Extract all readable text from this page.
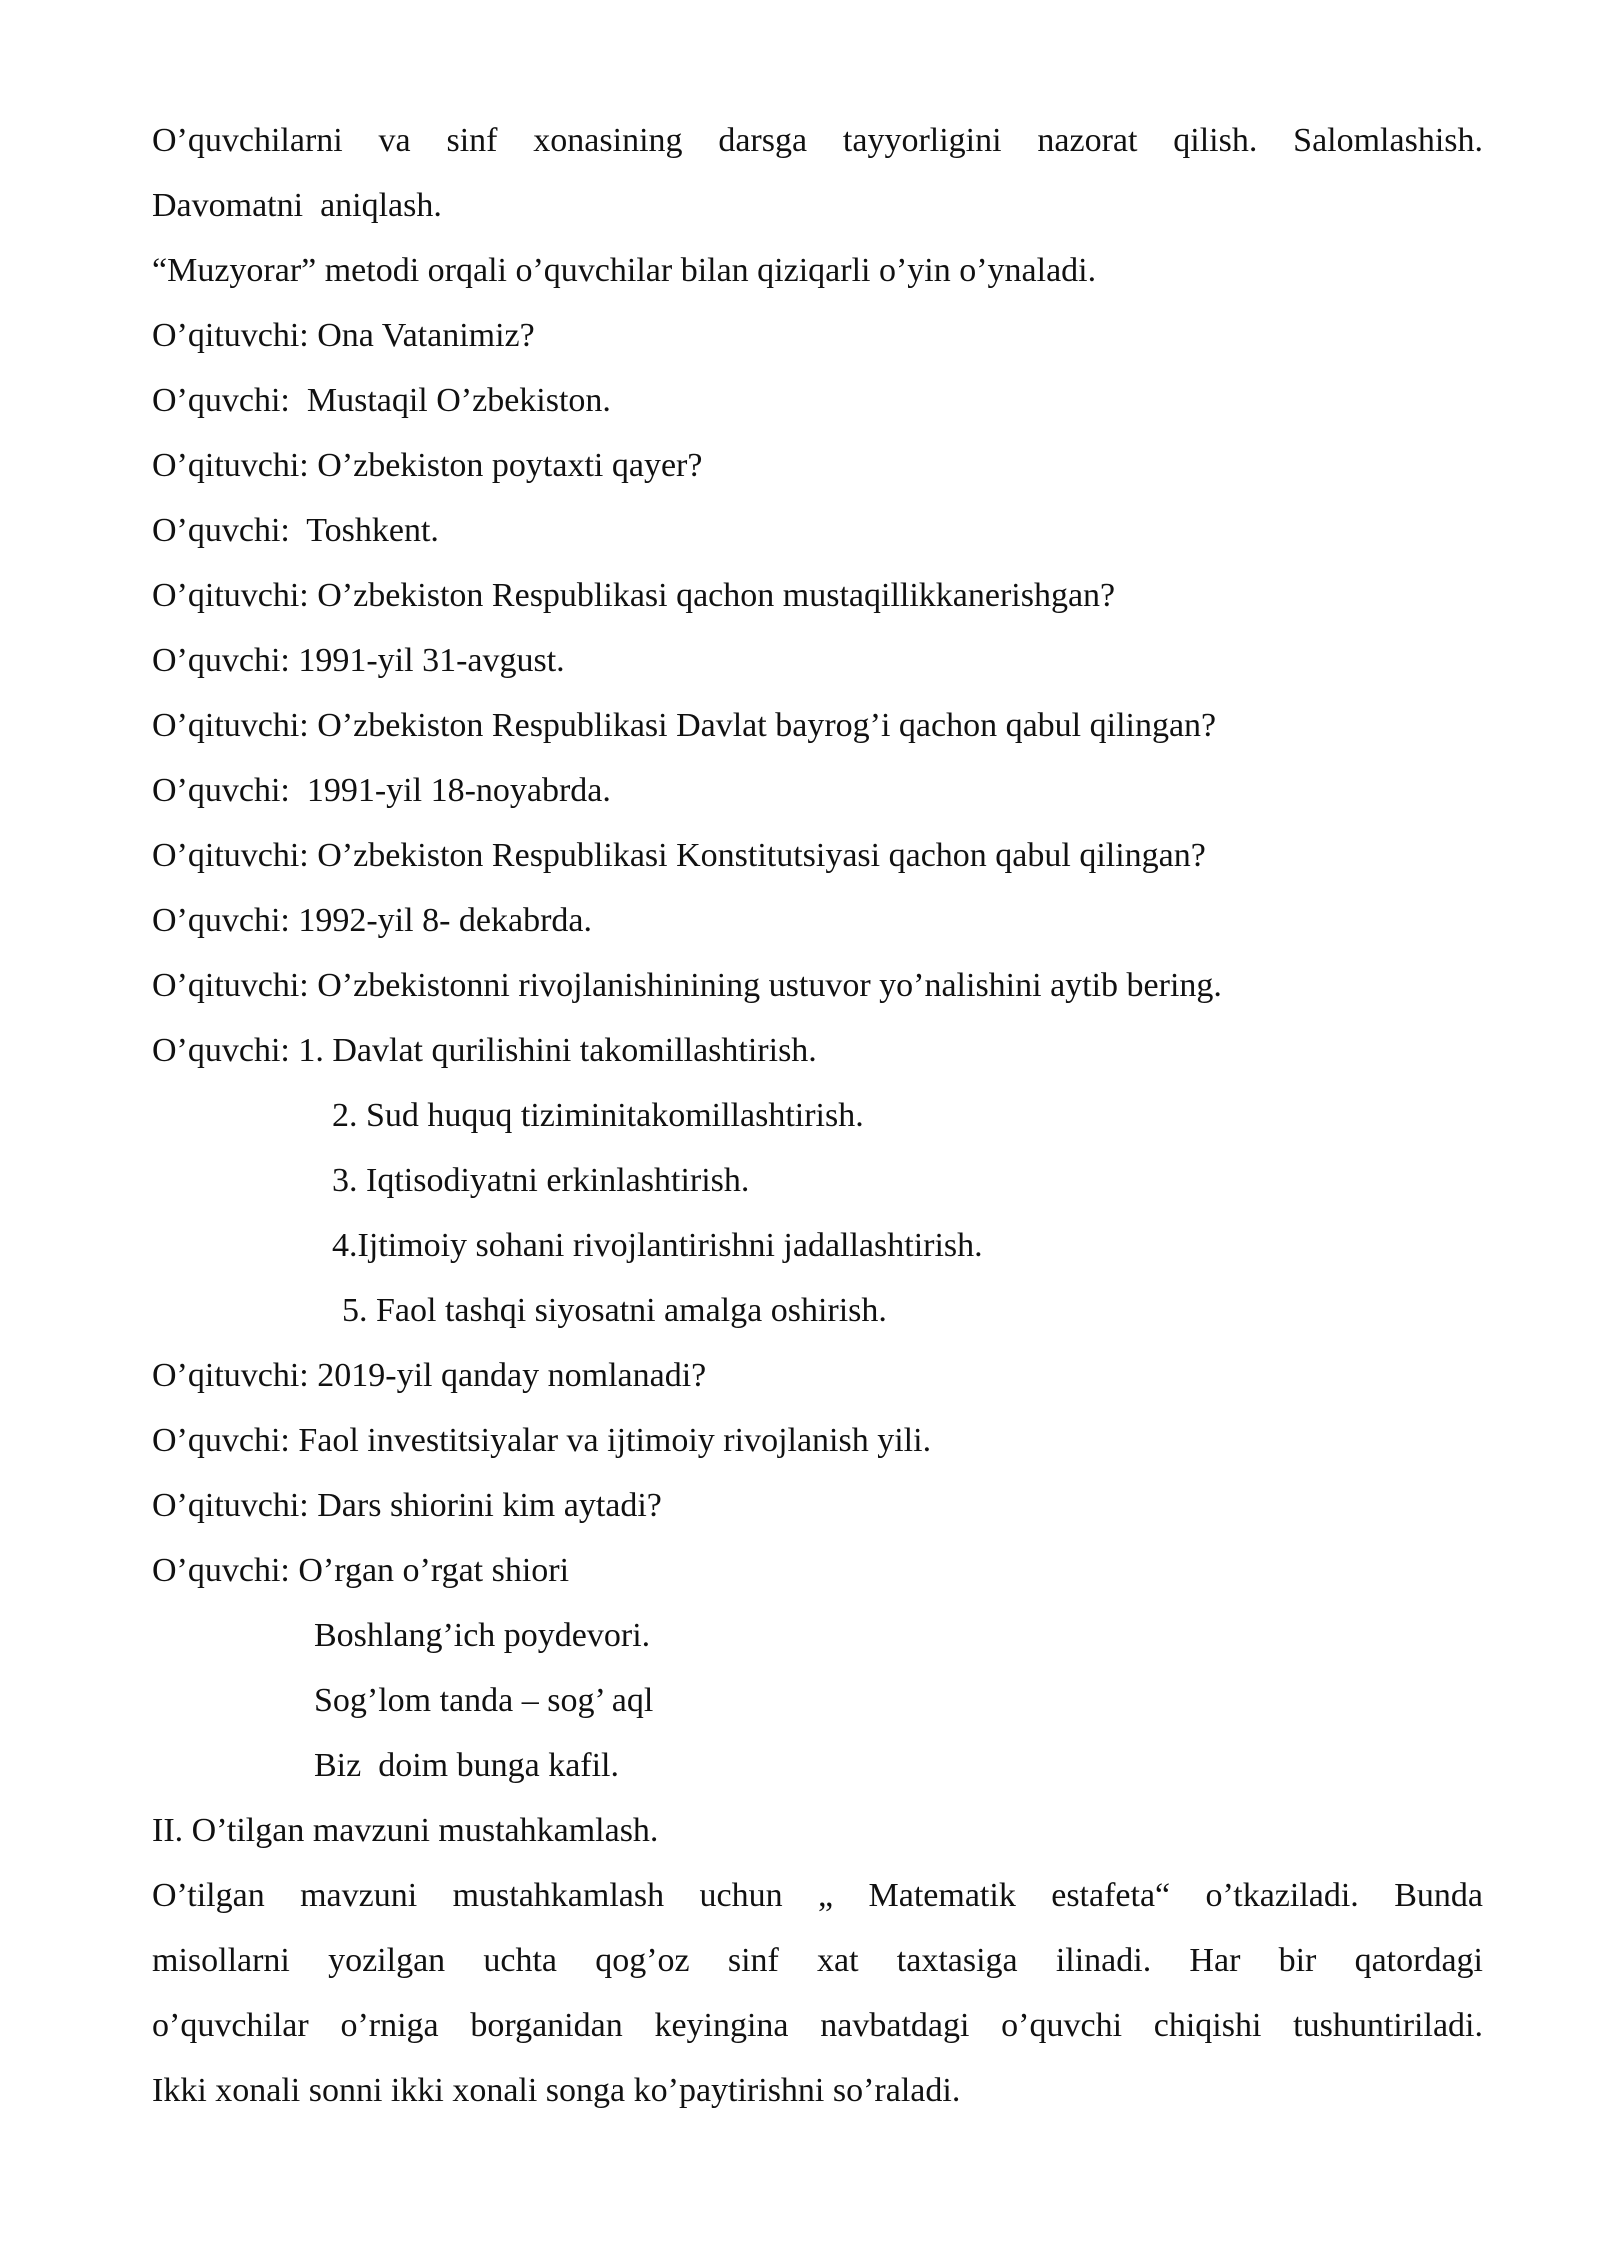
O’quvchilarni va sinf xonasining darsga tayyorligini nazorat qilish. Salomlashish.
Davomatni  aniqlash.
“Muzyorar” metodi orqali o’quvchilar bilan qiziqarli o’yin o’ynaladi.
O’qituvchi: Ona Vatanimiz?
O’quvchi:  Mustaqil O’zbekiston.
O’qituvchi: O’zbekiston poytaxti qayer?
O’quvchi:  Toshkent.
O’qituvchi: O’zbekiston Respublikasi qachon mustaqillikkanerishgan?
O’quvchi: 1991-yil 31-avgust.
O’qituvchi: O’zbekiston Respublikasi Davlat bayrog’i qachon qabul qilingan?
O’quvchi:  1991-yil 18-noyabrda.
O’qituvchi: O’zbekiston Respublikasi Konstitutsiyasi qachon qabul qilingan?
O’quvchi: 1992-yil 8- dekabrda.
O’qituvchi: O’zbekistonni rivojlanishinining ustuvor yo’nalishini aytib bering.
O’quvchi: 1. Davlat qurilishini takomillashtirish.
2. Sud huquq tiziminitakomillashtirish.
3. Iqtisodiyatni erkinlashtirish.
4.Ijtimoiy sohani rivojlantirishni jadallashtirish.
5. Faol tashqi siyosatni amalga oshirish.
O’qituvchi: 2019-yil qanday nomlanadi?
O’quvchi: Faol investitsiyalar va ijtimoiy rivojlanish yili.
O’qituvchi: Dars shiorini kim aytadi?
O’quvchi: O’rgan o’rgat shiori
Boshlang’ich poydevori.
Sog’lom tanda – sog’ aql
Biz  doim bunga kafil.
II. O’tilgan mavzuni mustahkamlash.
O’tilgan mavzuni mustahkamlash uchun „ Matematik estafeta“ o’tkaziladi. Bunda
misollarni yozilgan uchta qog’oz sinf xat taxtasiga ilinadi. Har bir qatordagi
o’quvchilar o’rniga borganidan keyingina navbatdagi o’quvchi chiqishi tushuntiriladi.
Ikki xonali sonni ikki xonali songa ko’paytirishni so’raladi.
